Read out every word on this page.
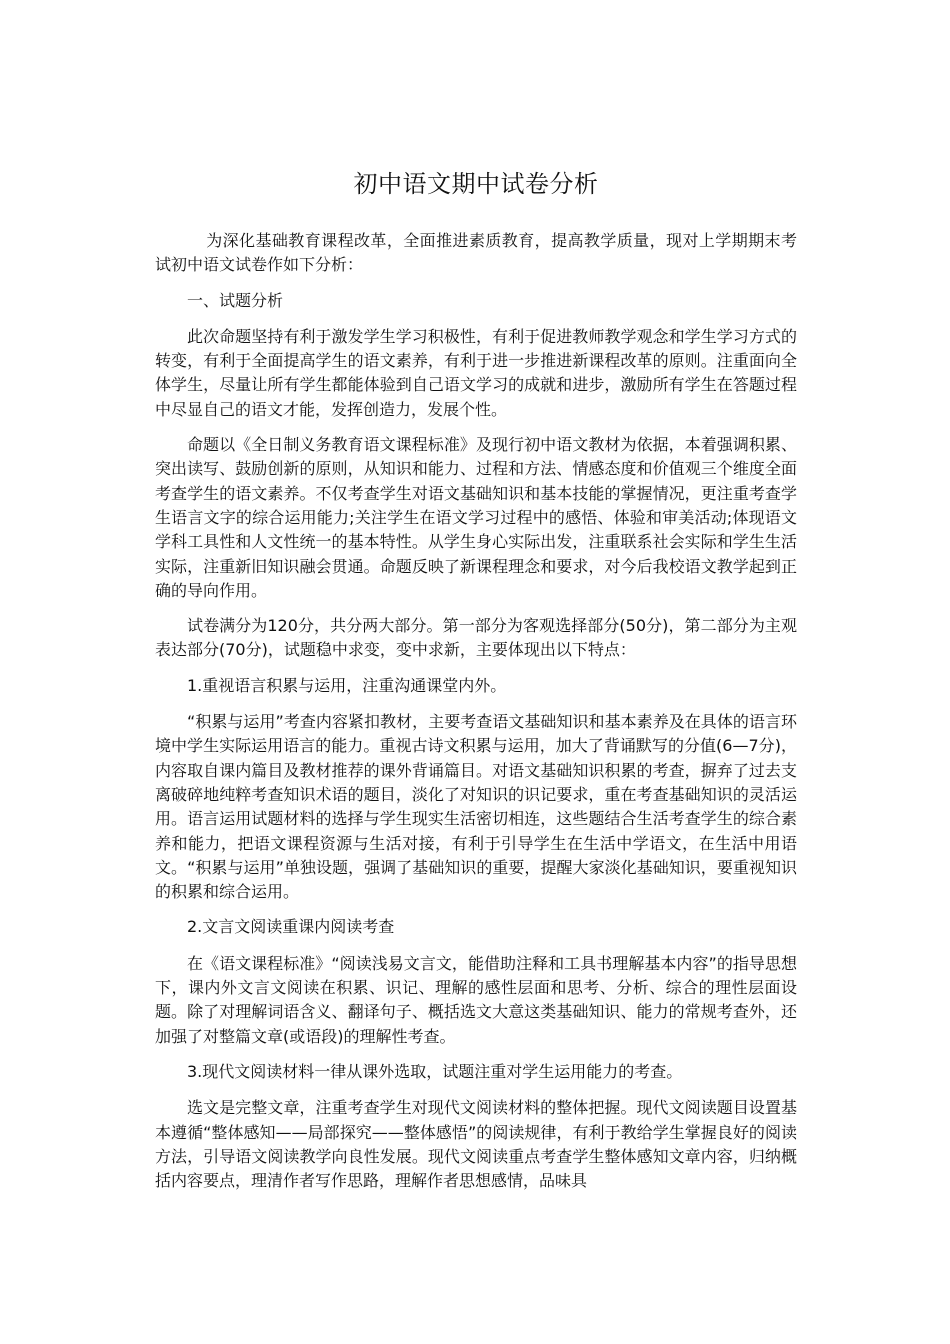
初中语文期中试卷分析

为深化基础教育课程改革，全面推进素质教育，提高教学质量，现对上学期期末考试初中语文试卷作如下分析：

一、试题分析

此次命题坚持有利于激发学生学习积极性，有利于促进教师教学观念和学生学习方式的转变，有利于全面提高学生的语文素养，有利于进一步推进新课程改革的原则。注重面向全体学生，尽量让所有学生都能体验到自己语文学习的成就和进步，激励所有学生在答题过程中尽显自己的语文才能，发挥创造力，发展个性。

命题以《全日制义务教育语文课程标准》及现行初中语文教材为依据，本着强调积累、突出读写、鼓励创新的原则，从知识和能力、过程和方法、情感态度和价值观三个维度全面考查学生的语文素养。不仅考查学生对语文基础知识和基本技能的掌握情况，更注重考查学生语言文字的综合运用能力;关注学生在语文学习过程中的感悟、体验和审美活动;体现语文学科工具性和人文性统一的基本特性。从学生身心实际出发，注重联系社会实际和学生生活实际，注重新旧知识融会贯通。命题反映了新课程理念和要求，对今后我校语文教学起到正确的导向作用。

试卷满分为120分，共分两大部分。第一部分为客观选择部分(50分)，第二部分为主观表达部分(70分)，试题稳中求变，变中求新，主要体现出以下特点：

1.重视语言积累与运用，注重沟通课堂内外。

“积累与运用”考查内容紧扣教材，主要考查语文基础知识和基本素养及在具体的语言环境中学生实际运用语言的能力。重视古诗文积累与运用，加大了背诵默写的分值(6—7分)，内容取自课内篇目及教材推荐的课外背诵篇目。对语文基础知识积累的考查，摒弃了过去支离破碎地纯粹考查知识术语的题目，淡化了对知识的识记要求，重在考查基础知识的灵活运用。语言运用试题材料的选择与学生现实生活密切相连，这些题结合生活考查学生的综合素养和能力，把语文课程资源与生活对接，有利于引导学生在生活中学语文，在生活中用语文。“积累与运用”单独设题，强调了基础知识的重要，提醒大家淡化基础知识，要重视知识的积累和综合运用。

2.文言文阅读重课内阅读考查

在《语文课程标准》“阅读浅易文言文，能借助注释和工具书理解基本内容”的指导思想下，课内外文言文阅读在积累、识记、理解的感性层面和思考、分析、综合的理性层面设题。除了对理解词语含义、翻译句子、概括选文大意这类基础知识、能力的常规考查外，还加强了对整篇文章(或语段)的理解性考查。

3.现代文阅读材料一律从课外选取，试题注重对学生运用能力的考查。

选文是完整文章，注重考查学生对现代文阅读材料的整体把握。现代文阅读题目设置基本遵循“整体感知——局部探究——整体感悟”的阅读规律，有利于教给学生掌握良好的阅读方法，引导语文阅读教学向良性发展。现代文阅读重点考查学生整体感知文章内容，归纳概括内容要点，理清作者写作思路，理解作者思想感情，品味具
